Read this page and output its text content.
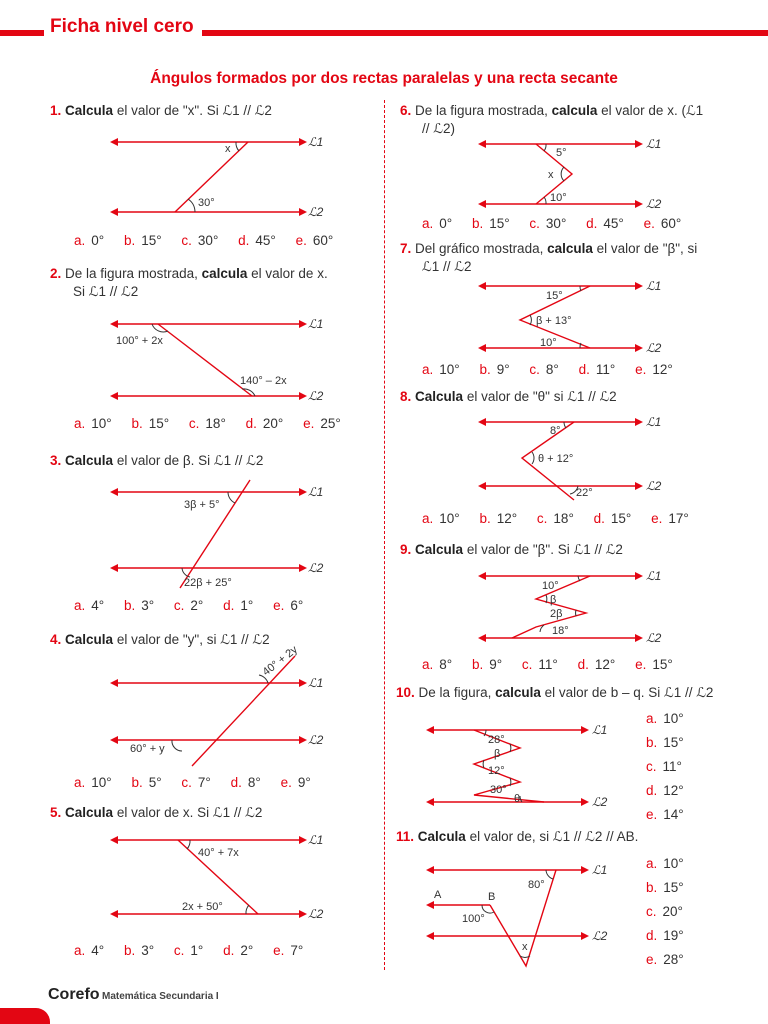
Ficha nivel cero
Ángulos formados por dos rectas paralelas y una recta secante
1. Calcula el valor de "x". Si ℒ1 // ℒ2
ℒ1
ℒ2
x
30°
a. 0° b. 15° c. 30° d. 45° e. 60°
2. De la figura mostrada, calcula el valor de x.
Si ℒ1 // ℒ2
ℒ1
ℒ2
100° + 2x
140° – 2x
a. 10° b. 15° c. 18° d. 20° e. 25°
3. Calcula el valor de β. Si ℒ1 // ℒ2
ℒ1
ℒ2
3β + 5°
22β + 25°
a. 4° b. 3° c. 2° d. 1° e. 6°
4. Calcula el valor de "y", si ℒ1 // ℒ2
ℒ1
ℒ2
40° + 2y
60° + y
a. 10° b. 5° c. 7° d. 8° e. 9°
5. Calcula el valor de x. Si ℒ1 // ℒ2
ℒ1
ℒ2
40° + 7x
2x + 50°
a. 4° b. 3° c. 1° d. 2° e. 7°
6. De la figura mostrada, calcula el valor de x. (ℒ1
// ℒ2)
ℒ1
ℒ2
5°
x
10°
a. 0° b. 15° c. 30° d. 45° e. 60°
7. Del gráfico mostrada, calcula el valor de "β", si
ℒ1 // ℒ2
ℒ1
ℒ2
15°
β + 13°
10°
a. 10° b. 9° c. 8° d. 11° e. 12°
8. Calcula el valor de "θ" si ℒ1 // ℒ2
ℒ1
ℒ2
8°
θ + 12°
22°
a. 10° b. 12° c. 18° d. 15° e. 17°
9. Calcula el valor de "β". Si ℒ1 // ℒ2
ℒ1
ℒ2
10°
β
2β
18°
a. 8° b. 9° c. 11° d. 12° e. 15°
10. De la figura, calcula el valor de b – q. Si ℒ1 // ℒ2
ℒ1
ℒ2
28°
β
12°
30°
θ
a. 10°
b. 15°
c. 11°
d. 12°
e. 14°
11. Calcula el valor de, si ℒ1 // ℒ2 // AB.
ℒ1
ℒ2
80°
A	B
100°
x
a. 10°
b. 15°
c. 20°
d. 19°
e. 28°
Corefo Matemática Secundaria I
